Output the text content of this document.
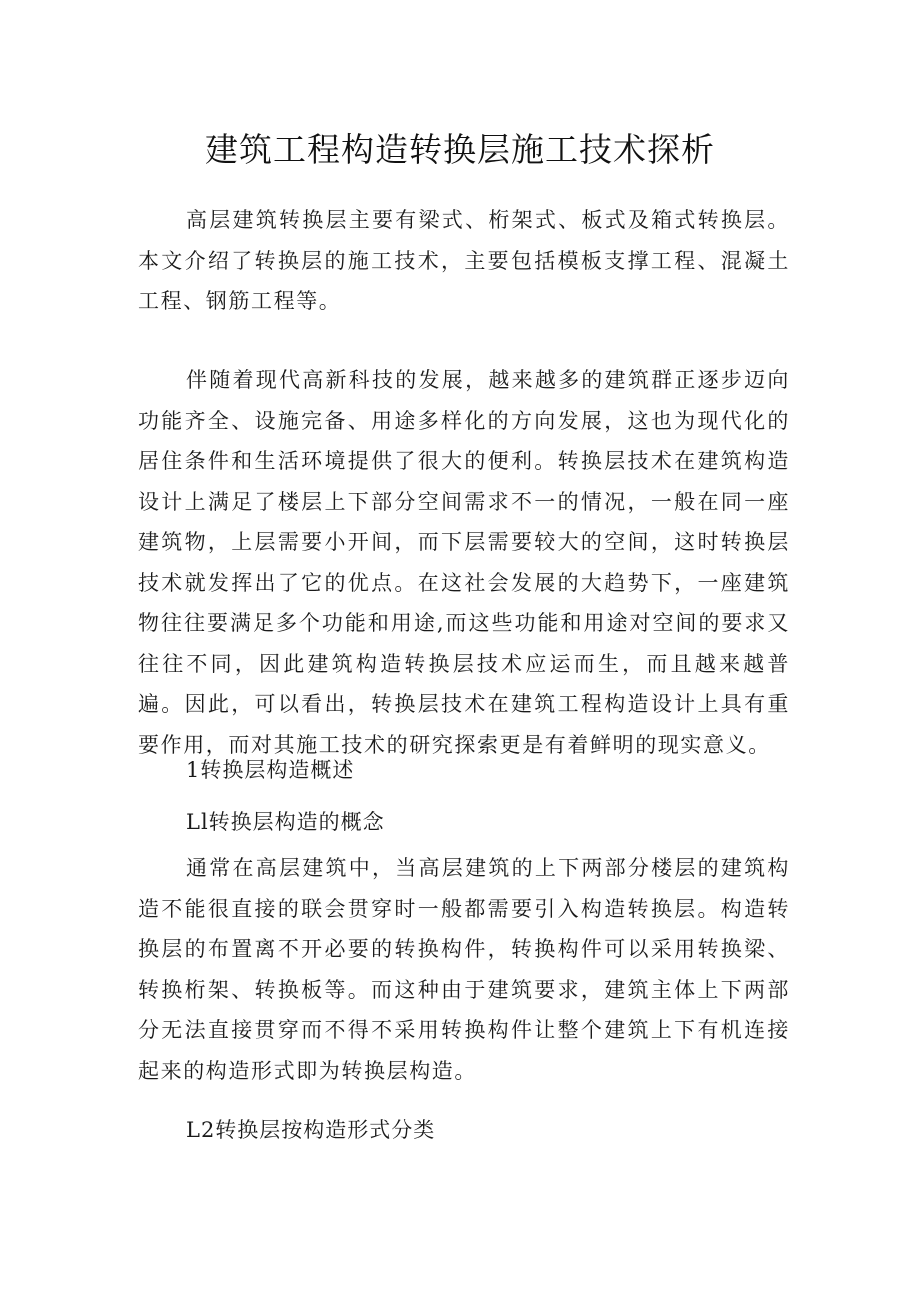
建筑工程构造转换层施工技术探析

高层建筑转换层主要有梁式、桁架式、板式及箱式转换层。本文介绍了转换层的施工技术，主要包括模板支撑工程、混凝土工程、钢筋工程等。

伴随着现代高新科技的发展，越来越多的建筑群正逐步迈向功能齐全、设施完备、用途多样化的方向发展，这也为现代化的居住条件和生活环境提供了很大的便利。转换层技术在建筑构造设计上满足了楼层上下部分空间需求不一的情况，一般在同一座建筑物，上层需要小开间，而下层需要较大的空间，这时转换层技术就发挥出了它的优点。在这社会发展的大趋势下，一座建筑物往往要满足多个功能和用途,而这些功能和用途对空间的要求又往往不同，因此建筑构造转换层技术应运而生，而且越来越普遍。因此，可以看出，转换层技术在建筑工程构造设计上具有重要作用，而对其施工技术的研究探索更是有着鲜明的现实意义。

1转换层构造概述
Ll转换层构造的概念

通常在高层建筑中，当高层建筑的上下两部分楼层的建筑构造不能很直接的联会贯穿时一般都需要引入构造转换层。构造转换层的布置离不开必要的转换构件，转换构件可以采用转换梁、转换桁架、转换板等。而这种由于建筑要求，建筑主体上下两部分无法直接贯穿而不得不采用转换构件让整个建筑上下有机连接起来的构造形式即为转换层构造。

L2转换层按构造形式分类
